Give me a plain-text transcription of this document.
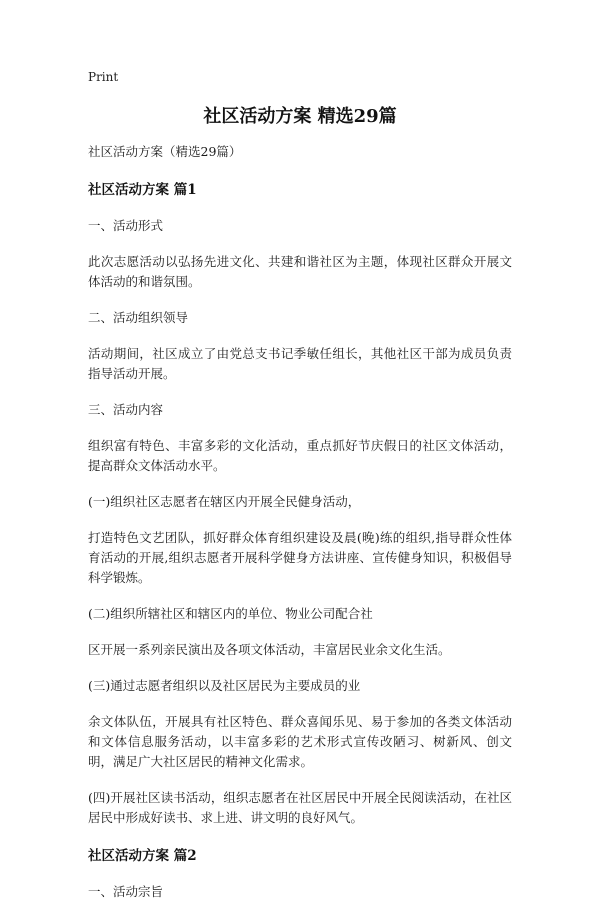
Print
社区活动方案 精选29篇
社区活动方案（精选29篇）
社区活动方案 篇1
一、活动形式
此次志愿活动以弘扬先进文化、共建和谐社区为主题，体现社区群众开展文体活动的和谐氛围。
二、活动组织领导
活动期间，社区成立了由党总支书记季敏任组长，其他社区干部为成员负责指导活动开展。
三、活动内容
组织富有特色、丰富多彩的文化活动，重点抓好节庆假日的社区文体活动，提高群众文体活动水平。
(一)组织社区志愿者在辖区内开展全民健身活动，
打造特色文艺团队，抓好群众体育组织建设及晨(晚)练的组织,指导群众性体育活动的开展,组织志愿者开展科学健身方法讲座、宣传健身知识，积极倡导科学锻炼。
(二)组织所辖社区和辖区内的单位、物业公司配合社
区开展一系列亲民演出及各项文体活动，丰富居民业余文化生活。
(三)通过志愿者组织以及社区居民为主要成员的业
余文体队伍，开展具有社区特色、群众喜闻乐见、易于参加的各类文体活动和文体信息服务活动，以丰富多彩的艺术形式宣传改陋习、树新风、创文明，满足广大社区居民的精神文化需求。
(四)开展社区读书活动，组织志愿者在社区居民中开展全民阅读活动，在社区居民中形成好读书、求上进、讲文明的良好风气。
社区活动方案 篇2
一、活动宗旨
